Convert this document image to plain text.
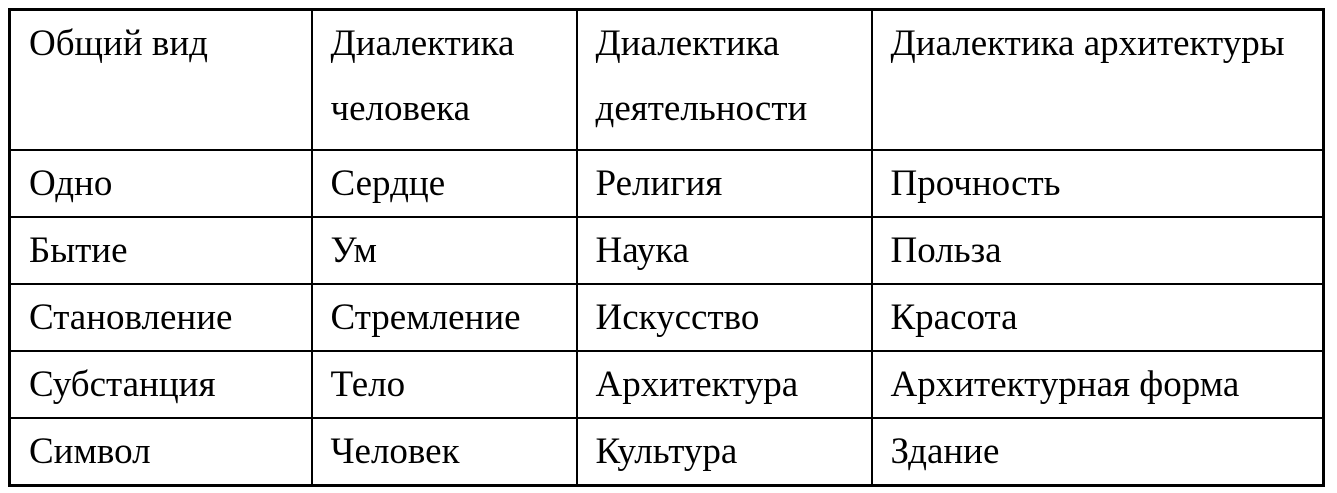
Общий вид	Диалектика человека	Диалектика деятельности	Диалектика архитектуры
Одно	Сердце	Религия	Прочность
Бытие	Ум	Наука	Польза
Становление	Стремление	Искусство	Красота
Субстанция	Тело	Архитектура	Архитектурная форма
Символ	Человек	Культура	Здание
